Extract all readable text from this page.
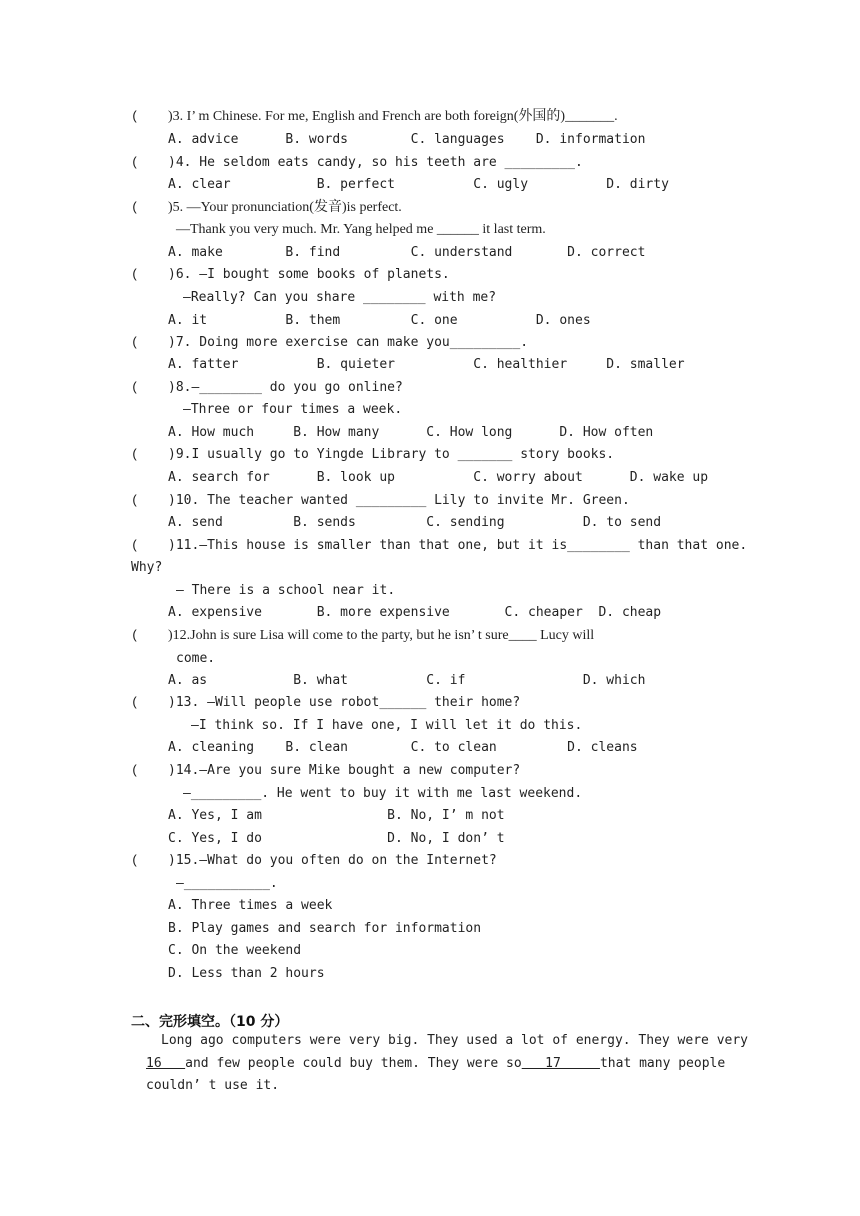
( )3. I’ m Chinese. For me, English and French are both foreign(外国的)_______.
A. advice      B. words        C. languages    D. information
( )4. He seldom eats candy, so his teeth are _________.
A. clear           B. perfect          C. ugly          D. dirty
( )5. —Your pronunciation(发音)is perfect.
—Thank you very much. Mr. Yang helped me ______ it last term.
A. make        B. find         C. understand       D. correct
( )6. —I bought some books of planets.
—Really? Can you share ________ with me?
A. it          B. them         C. one          D. ones
( )7. Doing more exercise can make you_________.
A. fatter          B. quieter          C. healthier     D. smaller
( )8.—________ do you go online?
—Three or four times a week.
A. How much     B. How many      C. How long      D. How often
( )9.I usually go to Yingde Library to _______ story books.
A. search for      B. look up          C. worry about      D. wake up
( )10. The teacher wanted _________ Lily to invite Mr. Green.
A. send         B. sends         C. sending          D. to send
( )11.—This house is smaller than that one, but it is________ than that one.
Why?
— There is a school near it.
A. expensive       B. more expensive       C. cheaper  D. cheap
( )12.John is sure Lisa will come to the party, but he isn’ t sure____ Lucy will
come.
A. as           B. what          C. if               D. which
( )13. —Will people use robot______ their home?
—I think so. If I have one, I will let it do this.
A. cleaning    B. clean        C. to clean         D. cleans
( )14.—Are you sure Mike bought a new computer?
—_________. He went to buy it with me last weekend.
A. Yes, I am                B. No, I’ m not
C. Yes, I do                D. No, I don’ t
( )15.—What do you often do on the Internet?
—___________.
A. Three times a week
B. Play games and search for information
C. On the weekend
D. Less than 2 hours
二、完形填空。（10 分）
Long ago computers were very big. They used a lot of energy. They were very
16   and few people could buy them. They were so   17     that many people
couldn’ t use it.
